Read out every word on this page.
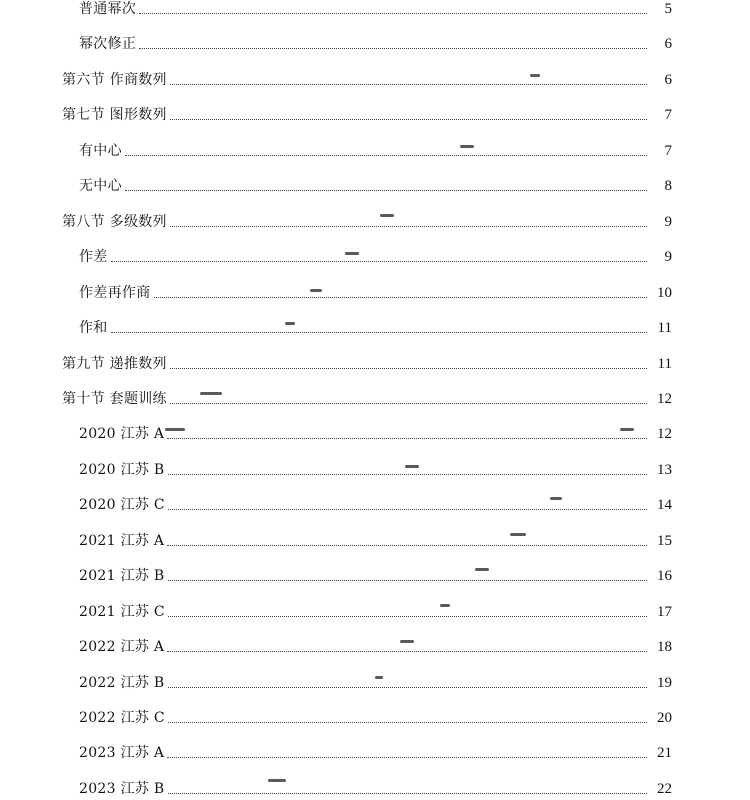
普通幂次	5
幂次修正	6
第六节 作商数列	6
第七节 图形数列	7
有中心	7
无中心	8
第八节 多级数列	9
作差	9
作差再作商	10
作和	11
第九节 递推数列	11
第十节 套题训练	12
2020 江苏 A	12
2020 江苏 B	13
2020 江苏 C	14
2021 江苏 A	15
2021 江苏 B	16
2021 江苏 C	17
2022 江苏 A	18
2022 江苏 B	19
2022 江苏 C	20
2023 江苏 A	21
2023 江苏 B	22
